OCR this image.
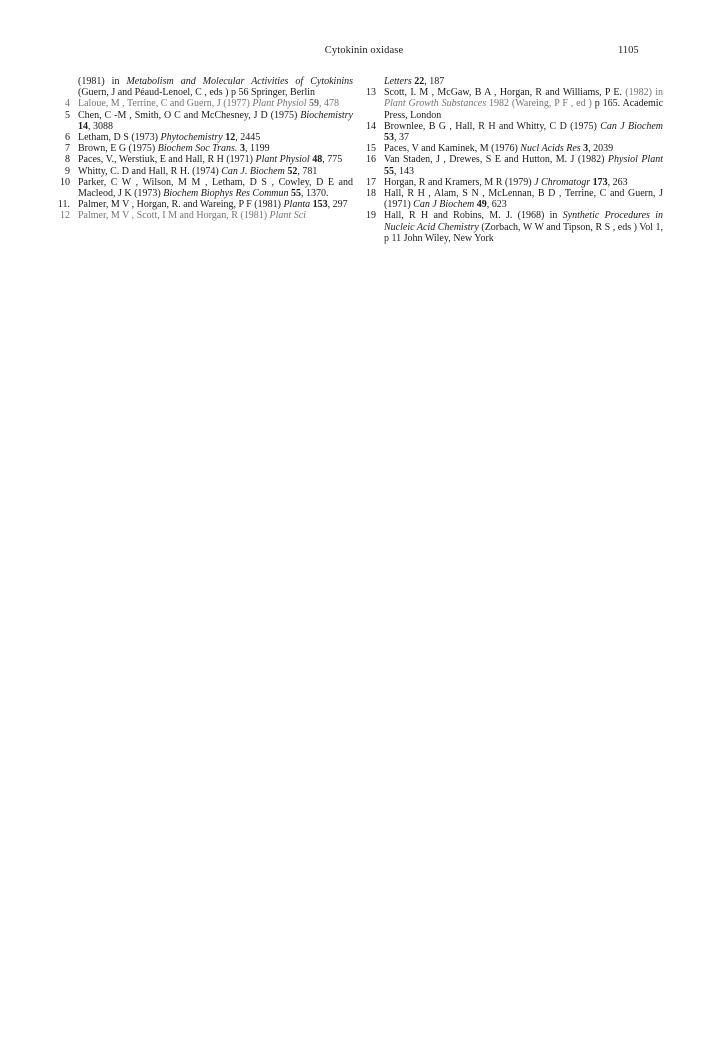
Cytokinin oxidase	1105

(1981) in Metabolism and Molecular Activities of Cytokinins (Guern, J and Péaud-Lenoel, C , eds ) p 56 Springer, Berlin

4 Laloue, M , Terrine, C and Guern, J (1977) Plant Physiol 59, 478

5 Chen, C -M , Smith, O C and McChesney, J D (1975) Biochemistry 14, 3088

6 Letham, D S (1973) Phytochemistry 12, 2445

7 Brown, E G (1975) Biochem Soc Trans. 3, 1199

8 Paces, V., Werstiuk, E and Hall, R H (1971) Plant Physiol 48, 775

9 Whitty, C. D and Hall, R H. (1974) Can J. Biochem 52, 781

10 Parker, C W , Wilson, M M , Letham, D S , Cowley, D E and Macleod, J K (1973) Biochem Biophys Res Commun 55, 1370.

11. Palmer, M V , Horgan, R. and Wareing, P F (1981) Planta 153, 297

12 Palmer, M V , Scott, I M and Horgan, R (1981) Plant Sci

Letters 22, 187

13 Scott, I. M , McGaw, B A , Horgan, R and Williams, P E. (1982) in Plant Growth Substances 1982 (Wareing, P F , ed ) p 165. Academic Press, London

14 Brownlee, B G , Hall, R H and Whitty, C D (1975) Can J Biochem 53, 37

15 Paces, V and Kaminek, M (1976) Nucl Acids Res 3, 2039

16 Van Staden, J , Drewes, S E and Hutton, M. J (1982) Physiol Plant 55, 143

17 Horgan, R and Kramers, M R (1979) J Chromatogr 173, 263

18 Hall, R H , Alam, S N , McLennan, B D , Terrine, C and Guern, J (1971) Can J Biochem 49, 623

19 Hall, R H and Robins, M. J. (1968) in Synthetic Procedures in Nucleic Acid Chemistry (Zorbach, W W and Tipson, R S , eds ) Vol 1, p 11 John Wiley, New York
